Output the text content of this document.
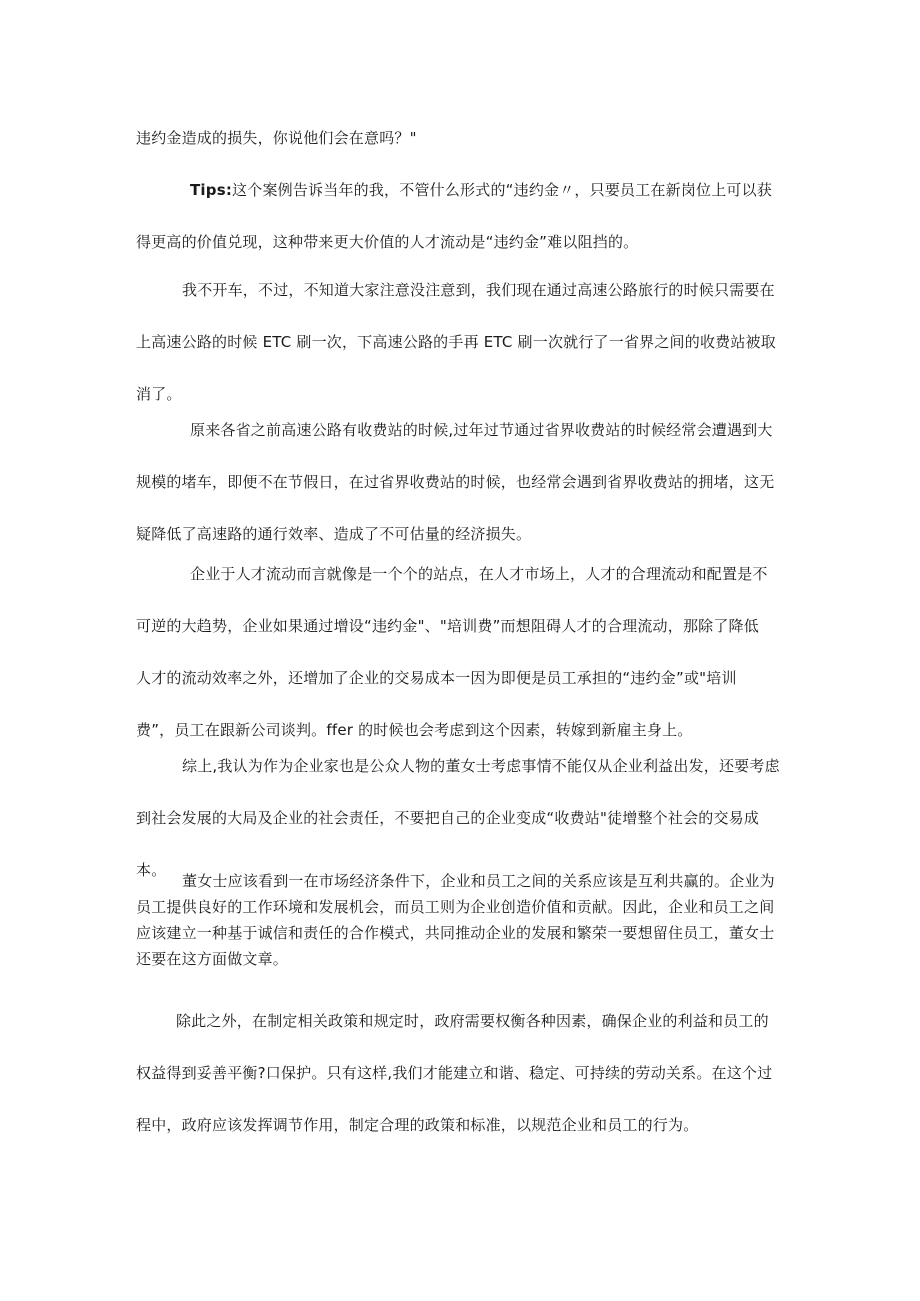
违约金造成的损失，你说他们会在意吗？"
Tips:这个案例告诉当年的我，不管什么形式的“违约金〃，只要员工在新岗位上可以获
得更高的价值兑现，这种带来更大价值的人才流动是“违约金”难以阻挡的。
我不开车，不过，不知道大家注意没注意到，我们现在通过高速公路旅行的时候只需要在
上高速公路的时候 ETC 刷一次，下高速公路的手再 ETC 刷一次就行了一省界之间的收费站被取
消了。
原来各省之前高速公路有收费站的时候,过年过节通过省界收费站的时候经常会遭遇到大
规模的堵车，即便不在节假日，在过省界收费站的时候，也经常会遇到省界收费站的拥堵，这无
疑降低了高速路的通行效率、造成了不可估量的经济损失。
企业于人才流动而言就像是一个个的站点，在人才市场上，人才的合理流动和配置是不
可逆的大趋势，企业如果通过增设“违约金"、"培训费”而想阻碍人才的合理流动，那除了降低
人才的流动效率之外，还增加了企业的交易成本一因为即便是员工承担的“违约金”或"培训
费”，员工在跟新公司谈判。ffer 的时候也会考虑到这个因素，转嫁到新雇主身上。
综上,我认为作为企业家也是公众人物的董女士考虑事情不能仅从企业利益出发，还要考虑
到社会发展的大局及企业的社会责任，不要把自己的企业变成“收费站"徒增整个社会的交易成
本。
董女士应该看到一在市场经济条件下，企业和员工之间的关系应该是互利共赢的。企业为
员工提供良好的工作环境和发展机会，而员工则为企业创造价值和贡献。因此，企业和员工之间
应该建立一种基于诚信和责任的合作模式，共同推动企业的发展和繁荣一要想留住员工，董女士
还要在这方面做文章。
除此之外，在制定相关政策和规定时，政府需要权衡各种因素，确保企业的利益和员工的
权益得到妥善平衡?口保护。只有这样,我们才能建立和谐、稳定、可持续的劳动关系。在这个过
程中，政府应该发挥调节作用，制定合理的政策和标准，以规范企业和员工的行为。
